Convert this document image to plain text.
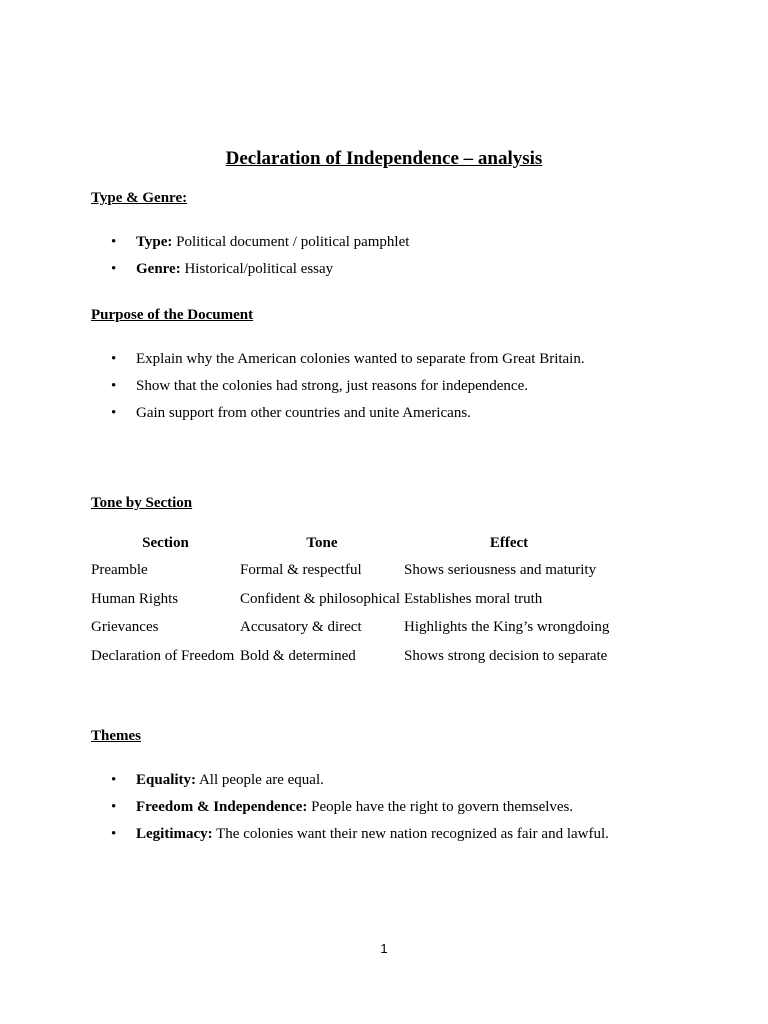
Declaration of Independence – analysis
Type & Genre:
• Type: Political document / political pamphlet
• Genre: Historical/political essay
Purpose of the Document
• Explain why the American colonies wanted to separate from Great Britain.
• Show that the colonies had strong, just reasons for independence.
• Gain support from other countries and unite Americans.
Tone by Section
Section	Tone	Effect
Preamble	Formal & respectful	Shows seriousness and maturity
Human Rights	Confident & philosophical	Establishes moral truth
Grievances	Accusatory & direct	Highlights the King’s wrongdoing
Declaration of Freedom	Bold & determined	Shows strong decision to separate
Themes
• Equality: All people are equal.
• Freedom & Independence: People have the right to govern themselves.
• Legitimacy: The colonies want their new nation recognized as fair and lawful.
1
